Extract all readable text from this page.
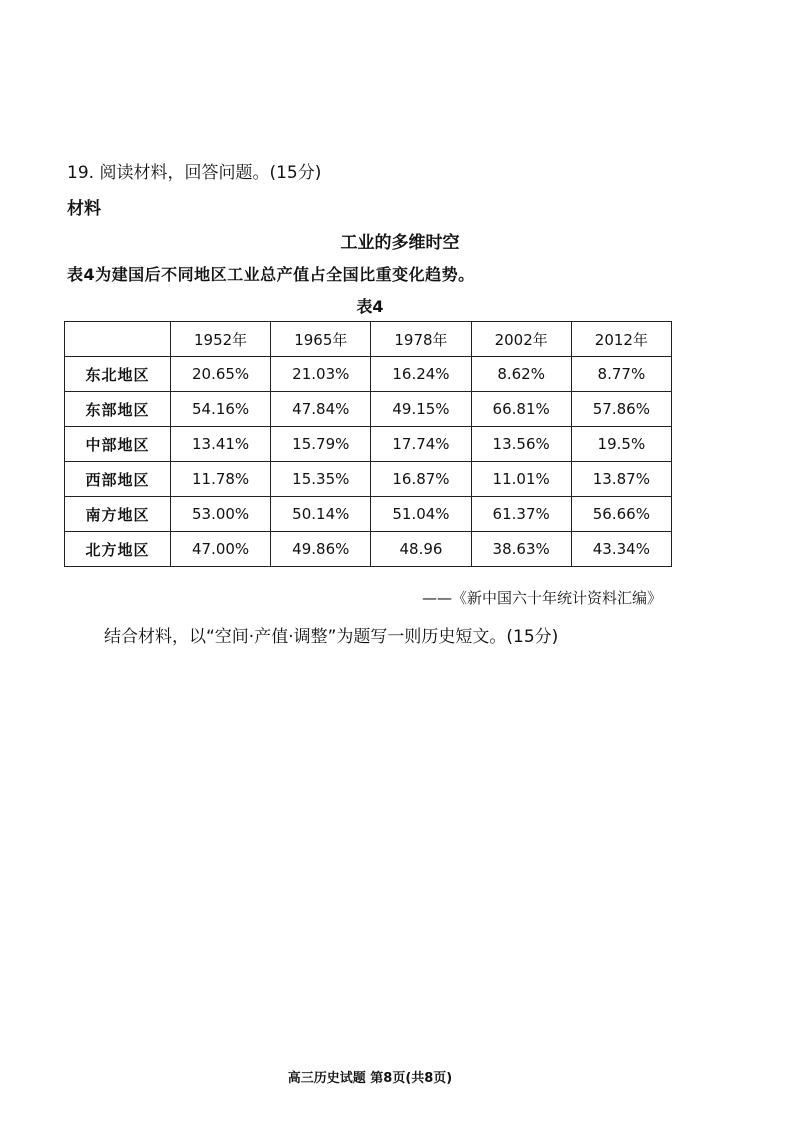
19. 阅读材料，回答问题。(15分)
材料
工业的多维时空
表4为建国后不同地区工业总产值占全国比重变化趋势。
表4
	1952年	1965年	1978年	2002年	2012年
东北地区	20.65%	21.03%	16.24%	8.62%	8.77%
东部地区	54.16%	47.84%	49.15%	66.81%	57.86%
中部地区	13.41%	15.79%	17.74%	13.56%	19.5%
西部地区	11.78%	15.35%	16.87%	11.01%	13.87%
南方地区	53.00%	50.14%	51.04%	61.37%	56.66%
北方地区	47.00%	49.86%	48.96	38.63%	43.34%
——《新中国六十年统计资料汇编》
结合材料，以“空间·产值·调整”为题写一则历史短文。(15分)
高三历史试题 第8页(共8页)
